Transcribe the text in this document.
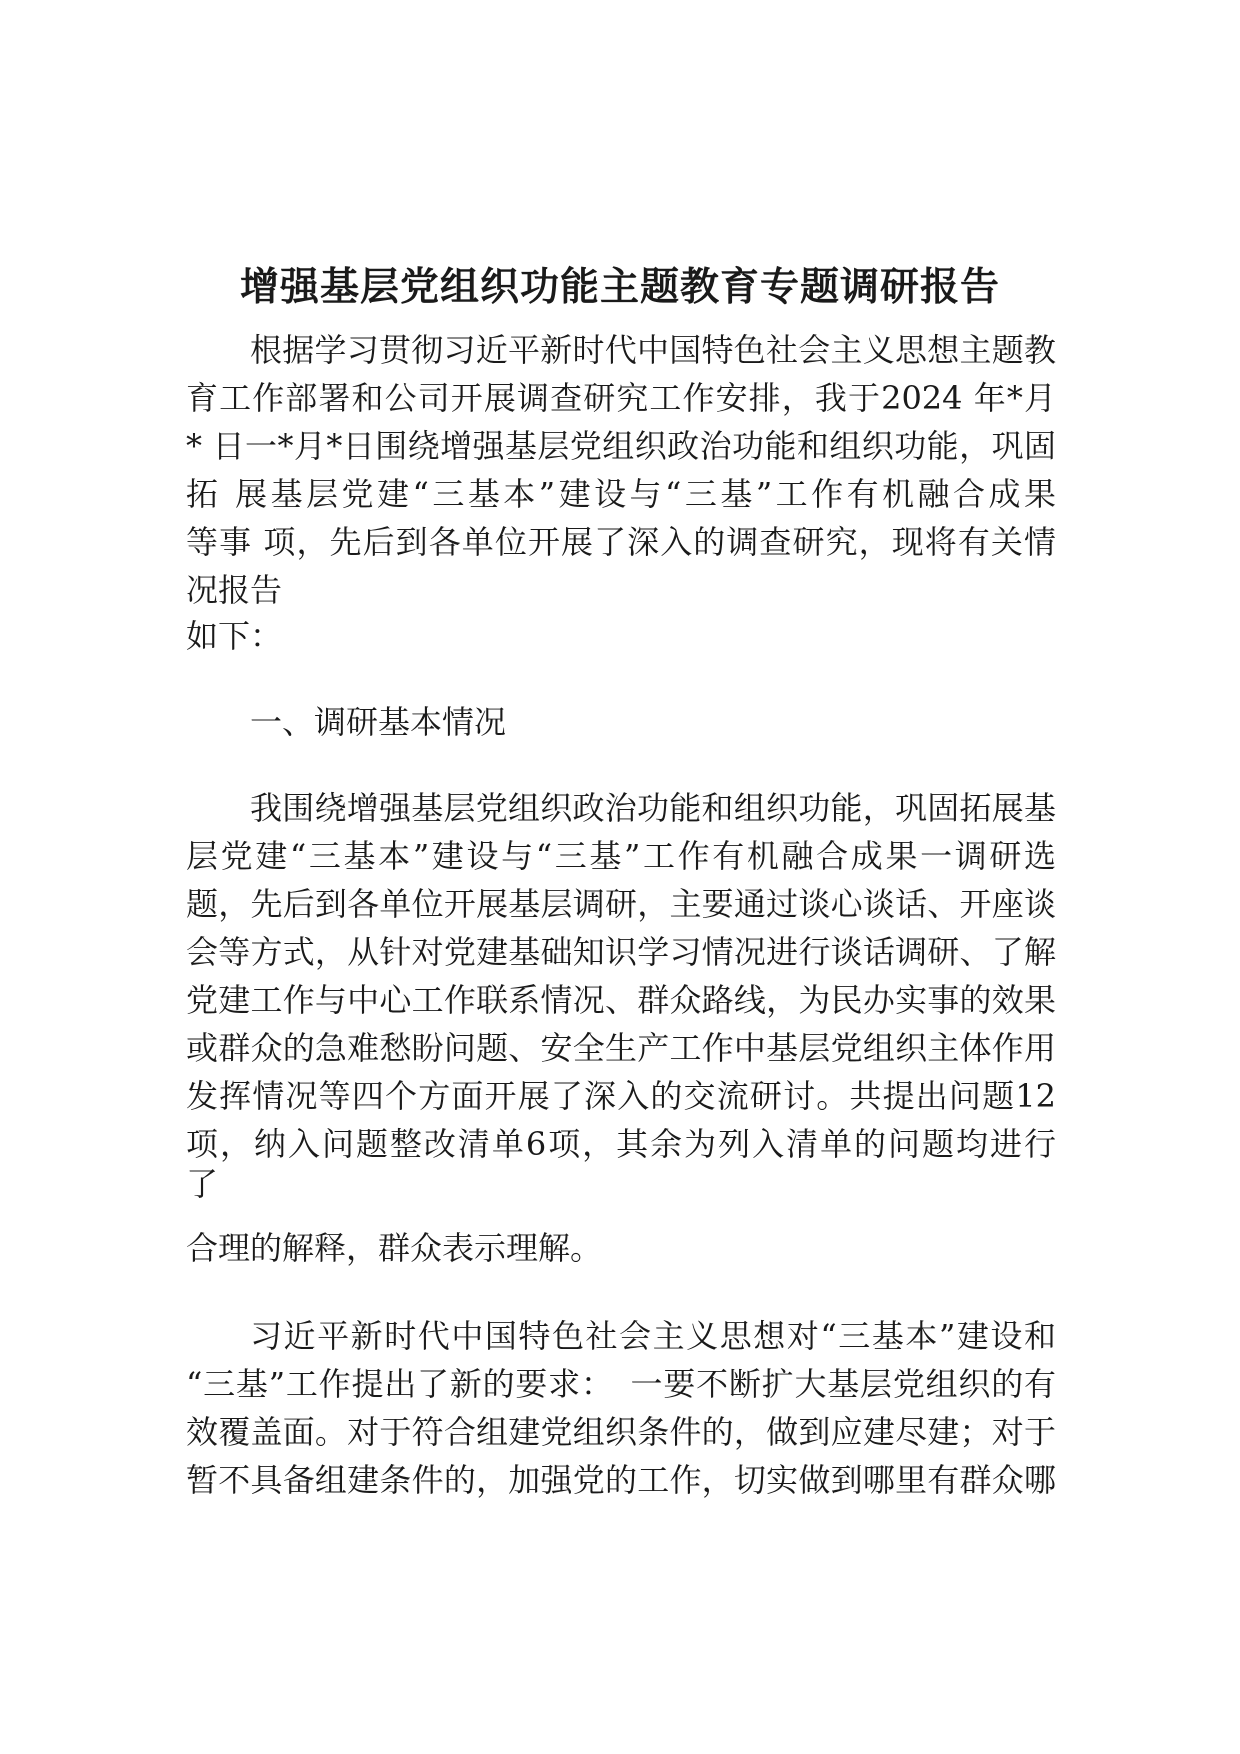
增强基层党组织功能主题教育专题调研报告

根据学习贯彻习近平新时代中国特色社会主义思想主题教

育工作部署和公司开展调查研究工作安排，我于2024 年*月

* 日一*月*日围绕增强基层党组织政治功能和组织功能，巩固

拓 展基层党建“三基本”建设与“三基”工作有机融合成果

等事 项，先后到各单位开展了深入的调查研究，现将有关情

况报告

如下：

一、调研基本情况

我围绕增强基层党组织政治功能和组织功能，巩固拓展基

层党建“三基本”建设与“三基”工作有机融合成果一调研选

题，先后到各单位开展基层调研，主要通过谈心谈话、开座谈

会等方式，从针对党建基础知识学习情况进行谈话调研、了解

党建工作与中心工作联系情况、群众路线，为民办实事的效果

或群众的急难愁盼问题、安全生产工作中基层党组织主体作用

发挥情况等四个方面开展了深入的交流研讨。共提出问题12

项，纳入问题整改清单6项，其余为列入清单的问题均进行

了

合理的解释，群众表示理解。

习近平新时代中国特色社会主义思想对“三基本”建设和

“三基”工作提出了新的要求：　一要不断扩大基层党组织的有

效覆盖面。对于符合组建党组织条件的，做到应建尽建；对于

暂不具备组建条件的，加强党的工作，切实做到哪里有群众哪
